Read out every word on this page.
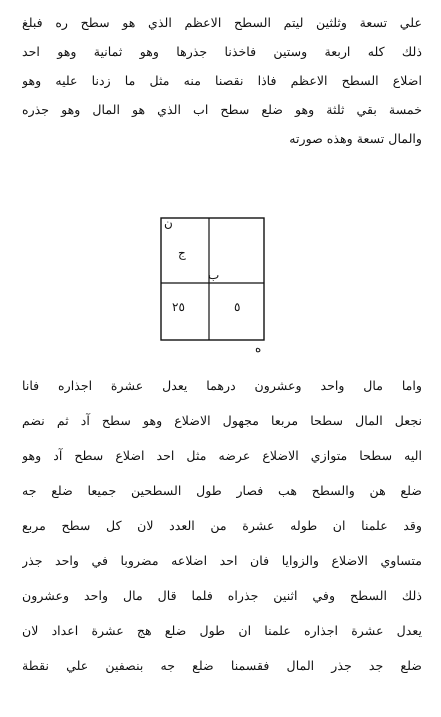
علي تسعة وثلثين ليتم السطح الاعظم الذي هو سطح ره فبلغ
ذلك كله اربعة وستين فاخذنا جذرها وهو ثمانية وهو احد
اضلاع السطح الاعظم فاذا نقصنا منه مثل ما زدنا عليه وهو
خمسة بقي ثلثة وهو ضلع سطح اب الذي هو المال وهو جذره
والمال تسعة وهذه صورته
ن
ب
ه
ج
٢٥	٥
واما مال واحد وعشرون درهما يعدل عشرة اجذاره فانا
نجعل المال سطحا مربعا مجهول الاضلاع وهو سطح آد ثم نضم
اليه سطحا متوازي الاضلاع عرضه مثل احد اضلاع سطح آد وهو
ضلع هن والسطح هب فصار طول السطحين جميعا ضلع جه
وقد علمنا ان طوله عشرة من العدد لان كل سطح مربع
متساوي الاضلاع والزوايا فان احد اضلاعه مضروبا في واحد جذر
ذلك السطح وفي اثنين جذراه فلما قال مال واحد وعشرون
يعدل عشرة اجذاره علمنا ان طول ضلع هج عشرة اعداد لان
ضلع جد جذر المال فقسمنا ضلع جه بنصفين علي نقطة
